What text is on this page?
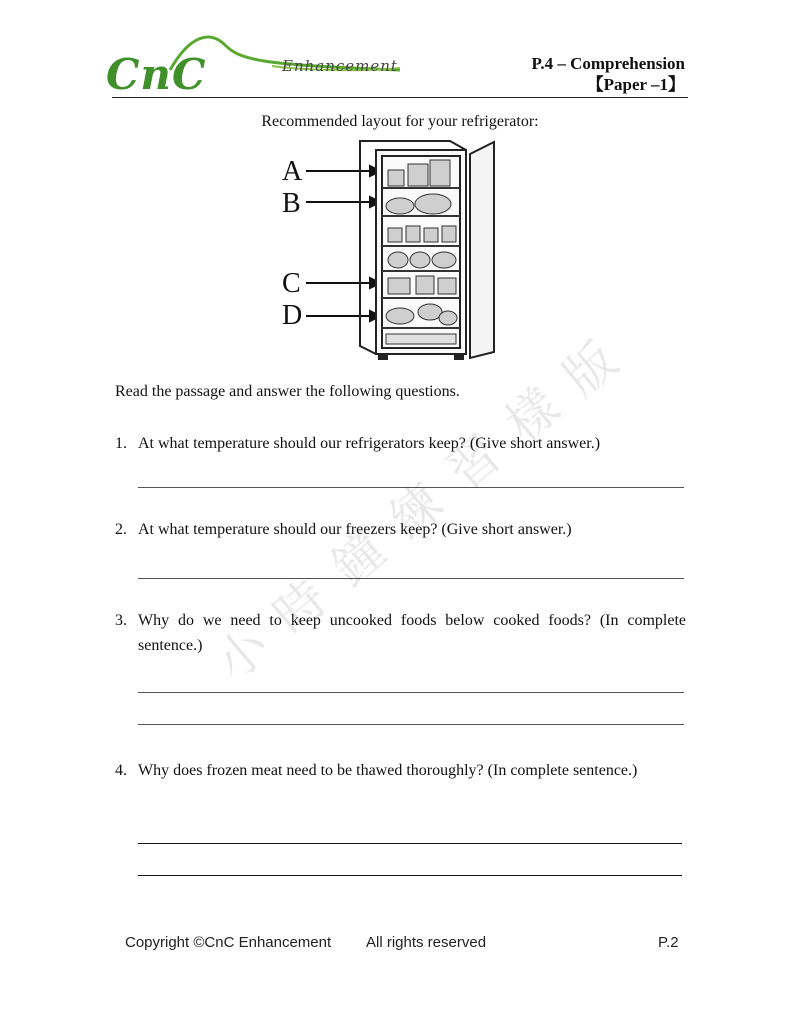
CnC	Enhancement	P.4 – Comprehension
【Paper –1】
Recommended layout for your refrigerator:
A
B
C
D
Read the passage and answer the following questions.
1. At what temperature should our refrigerators keep? (Give short answer.)
2. At what temperature should our freezers keep? (Give short answer.)
3. Why do we need to keep uncooked foods below cooked foods? (In complete sentence.)
4. Why does frozen meat need to be thawed thoroughly? (In complete sentence.)
小
時
鐘
練
習
樣
版
Copyright ©CnC Enhancement All rights reserved	P.2
